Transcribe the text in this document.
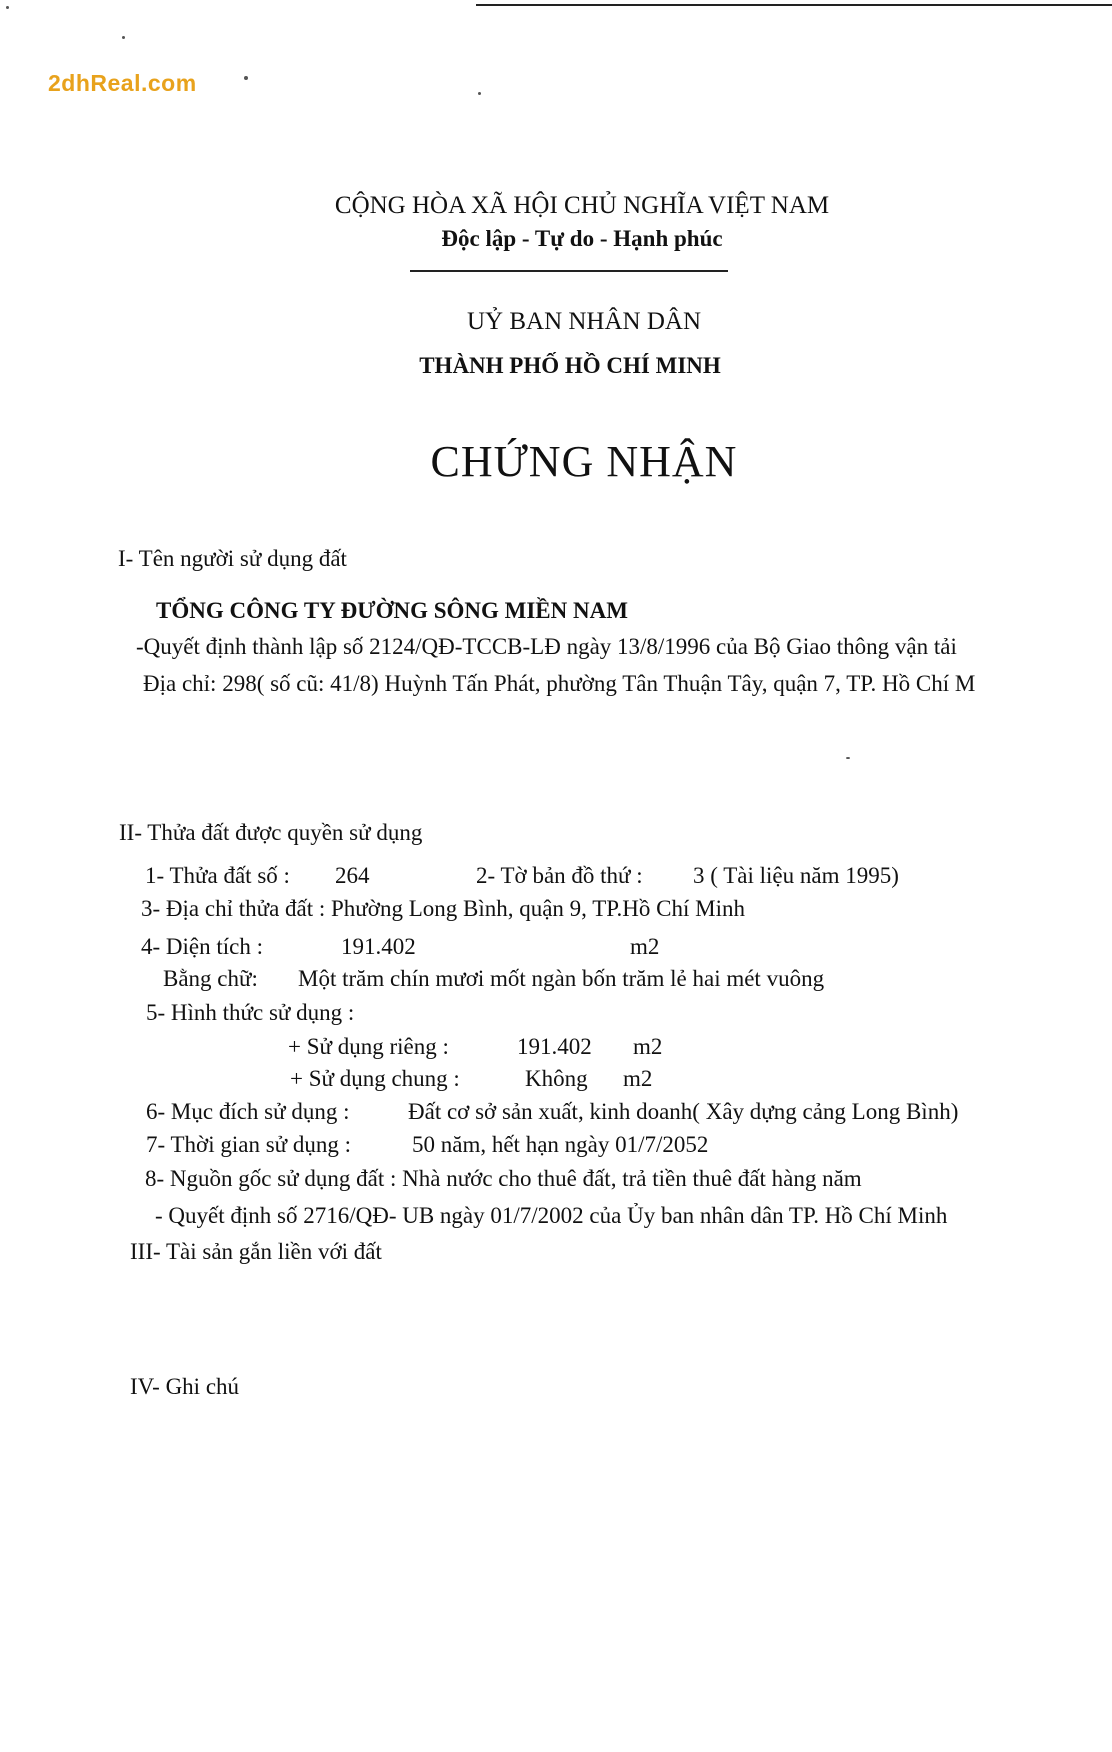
2dhReal.com
CỘNG HÒA XÃ HỘI CHỦ NGHĨA VIỆT NAM
Độc lập - Tự do - Hạnh phúc
UỶ BAN NHÂN DÂN
THÀNH PHỐ HỒ CHÍ MINH
CHỨNG NHẬN
I- Tên người sử dụng đất
TỔNG CÔNG TY ĐƯỜNG SÔNG MIỀN NAM
-Quyết định thành lập số 2124/QĐ-TCCB-LĐ ngày 13/8/1996 của Bộ Giao thông vận tải
Địa chỉ: 298( số cũ: 41/8) Huỳnh Tấn Phát, phường Tân Thuận Tây, quận 7, TP. Hồ Chí M
II- Thửa đất được quyền sử dụng
1- Thửa đất số : 264	2- Tờ bản đồ thứ : 3 ( Tài liệu năm 1995)
3- Địa chỉ thửa đất : Phường Long Bình, quận 9, TP.Hồ Chí Minh
4- Diện tích :	191.402	m2
Bằng chữ: Một trăm chín mươi mốt ngàn bốn trăm lẻ hai mét vuông
5- Hình thức sử dụng :
+ Sử dụng riêng :	191.402 m2
+ Sử dụng chung :	Không m2
6- Mục đích sử dụng :	Đất cơ sở sản xuất, kinh doanh( Xây dựng cảng Long Bình)
7- Thời gian sử dụng :	50 năm, hết hạn ngày 01/7/2052
8- Nguồn gốc sử dụng đất : Nhà nước cho thuê đất, trả tiền thuê đất hàng năm
- Quyết định số 2716/QĐ- UB ngày 01/7/2002 của Ủy ban nhân dân TP. Hồ Chí Minh
III- Tài sản gắn liền với đất
IV- Ghi chú
